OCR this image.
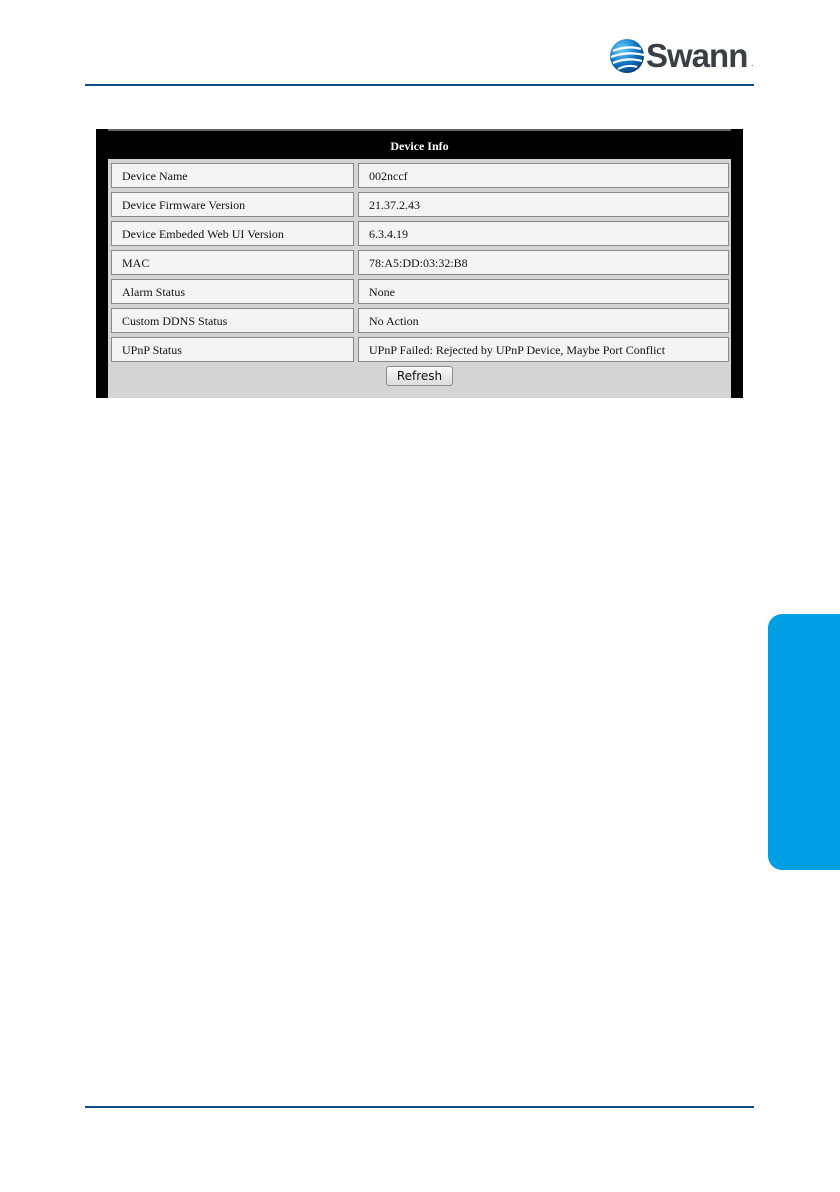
Swann .
Device Info
Device Name	002nccf
Device Firmware Version	21.37.2.43
Device Embeded Web UI Version	6.3.4.19
MAC	78:A5:DD:03:32:B8
Alarm Status	None
Custom DDNS Status	No Action
UPnP Status	UPnP Failed: Rejected by UPnP Device, Maybe Port Conflict
Refresh
